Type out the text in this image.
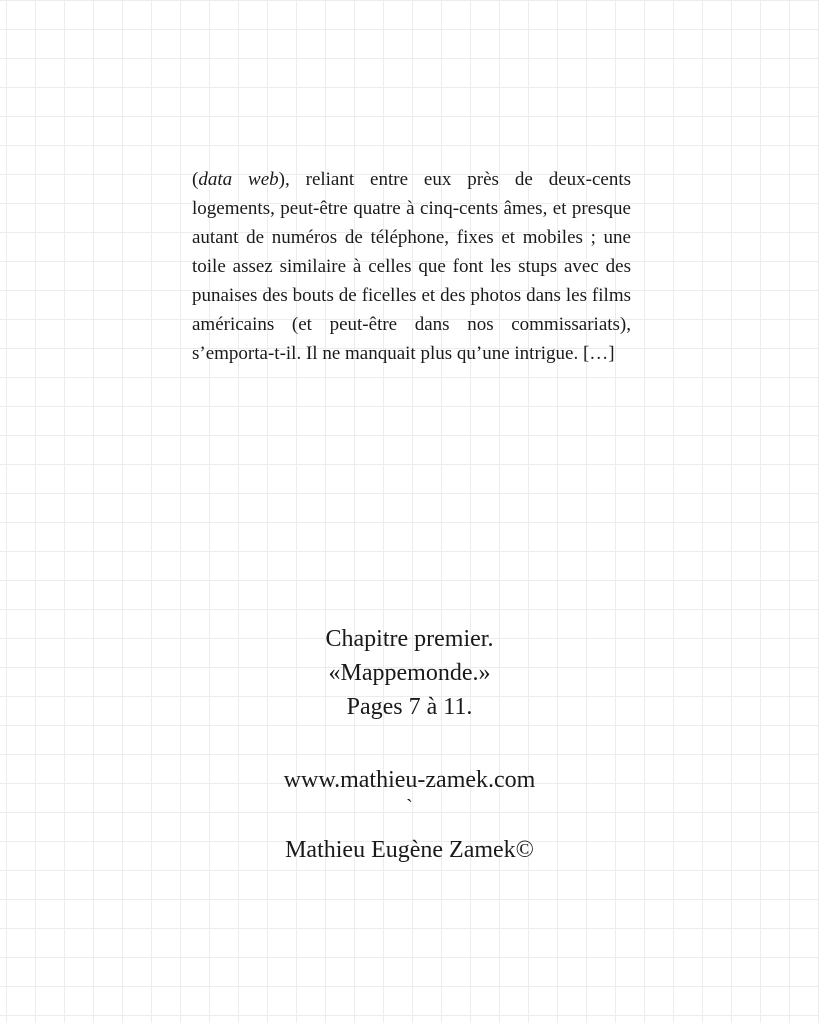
(data web), reliant entre eux près de deux-cents logements, peut-être quatre à cinq-cents âmes, et presque autant de numéros de téléphone, fixes et mobiles ; une toile assez similaire à celles que font les stups avec des punaises des bouts de ficelles et des photos dans les films américains (et peut-être dans nos commissariats), s’emporta-t-il. Il ne manquait plus qu’une intrigue. […]

Chapitre premier.
«Mappemonde.»
Pages 7 à 11.
www.mathieu-zamek.com
`
Mathieu Eugène Zamek©
